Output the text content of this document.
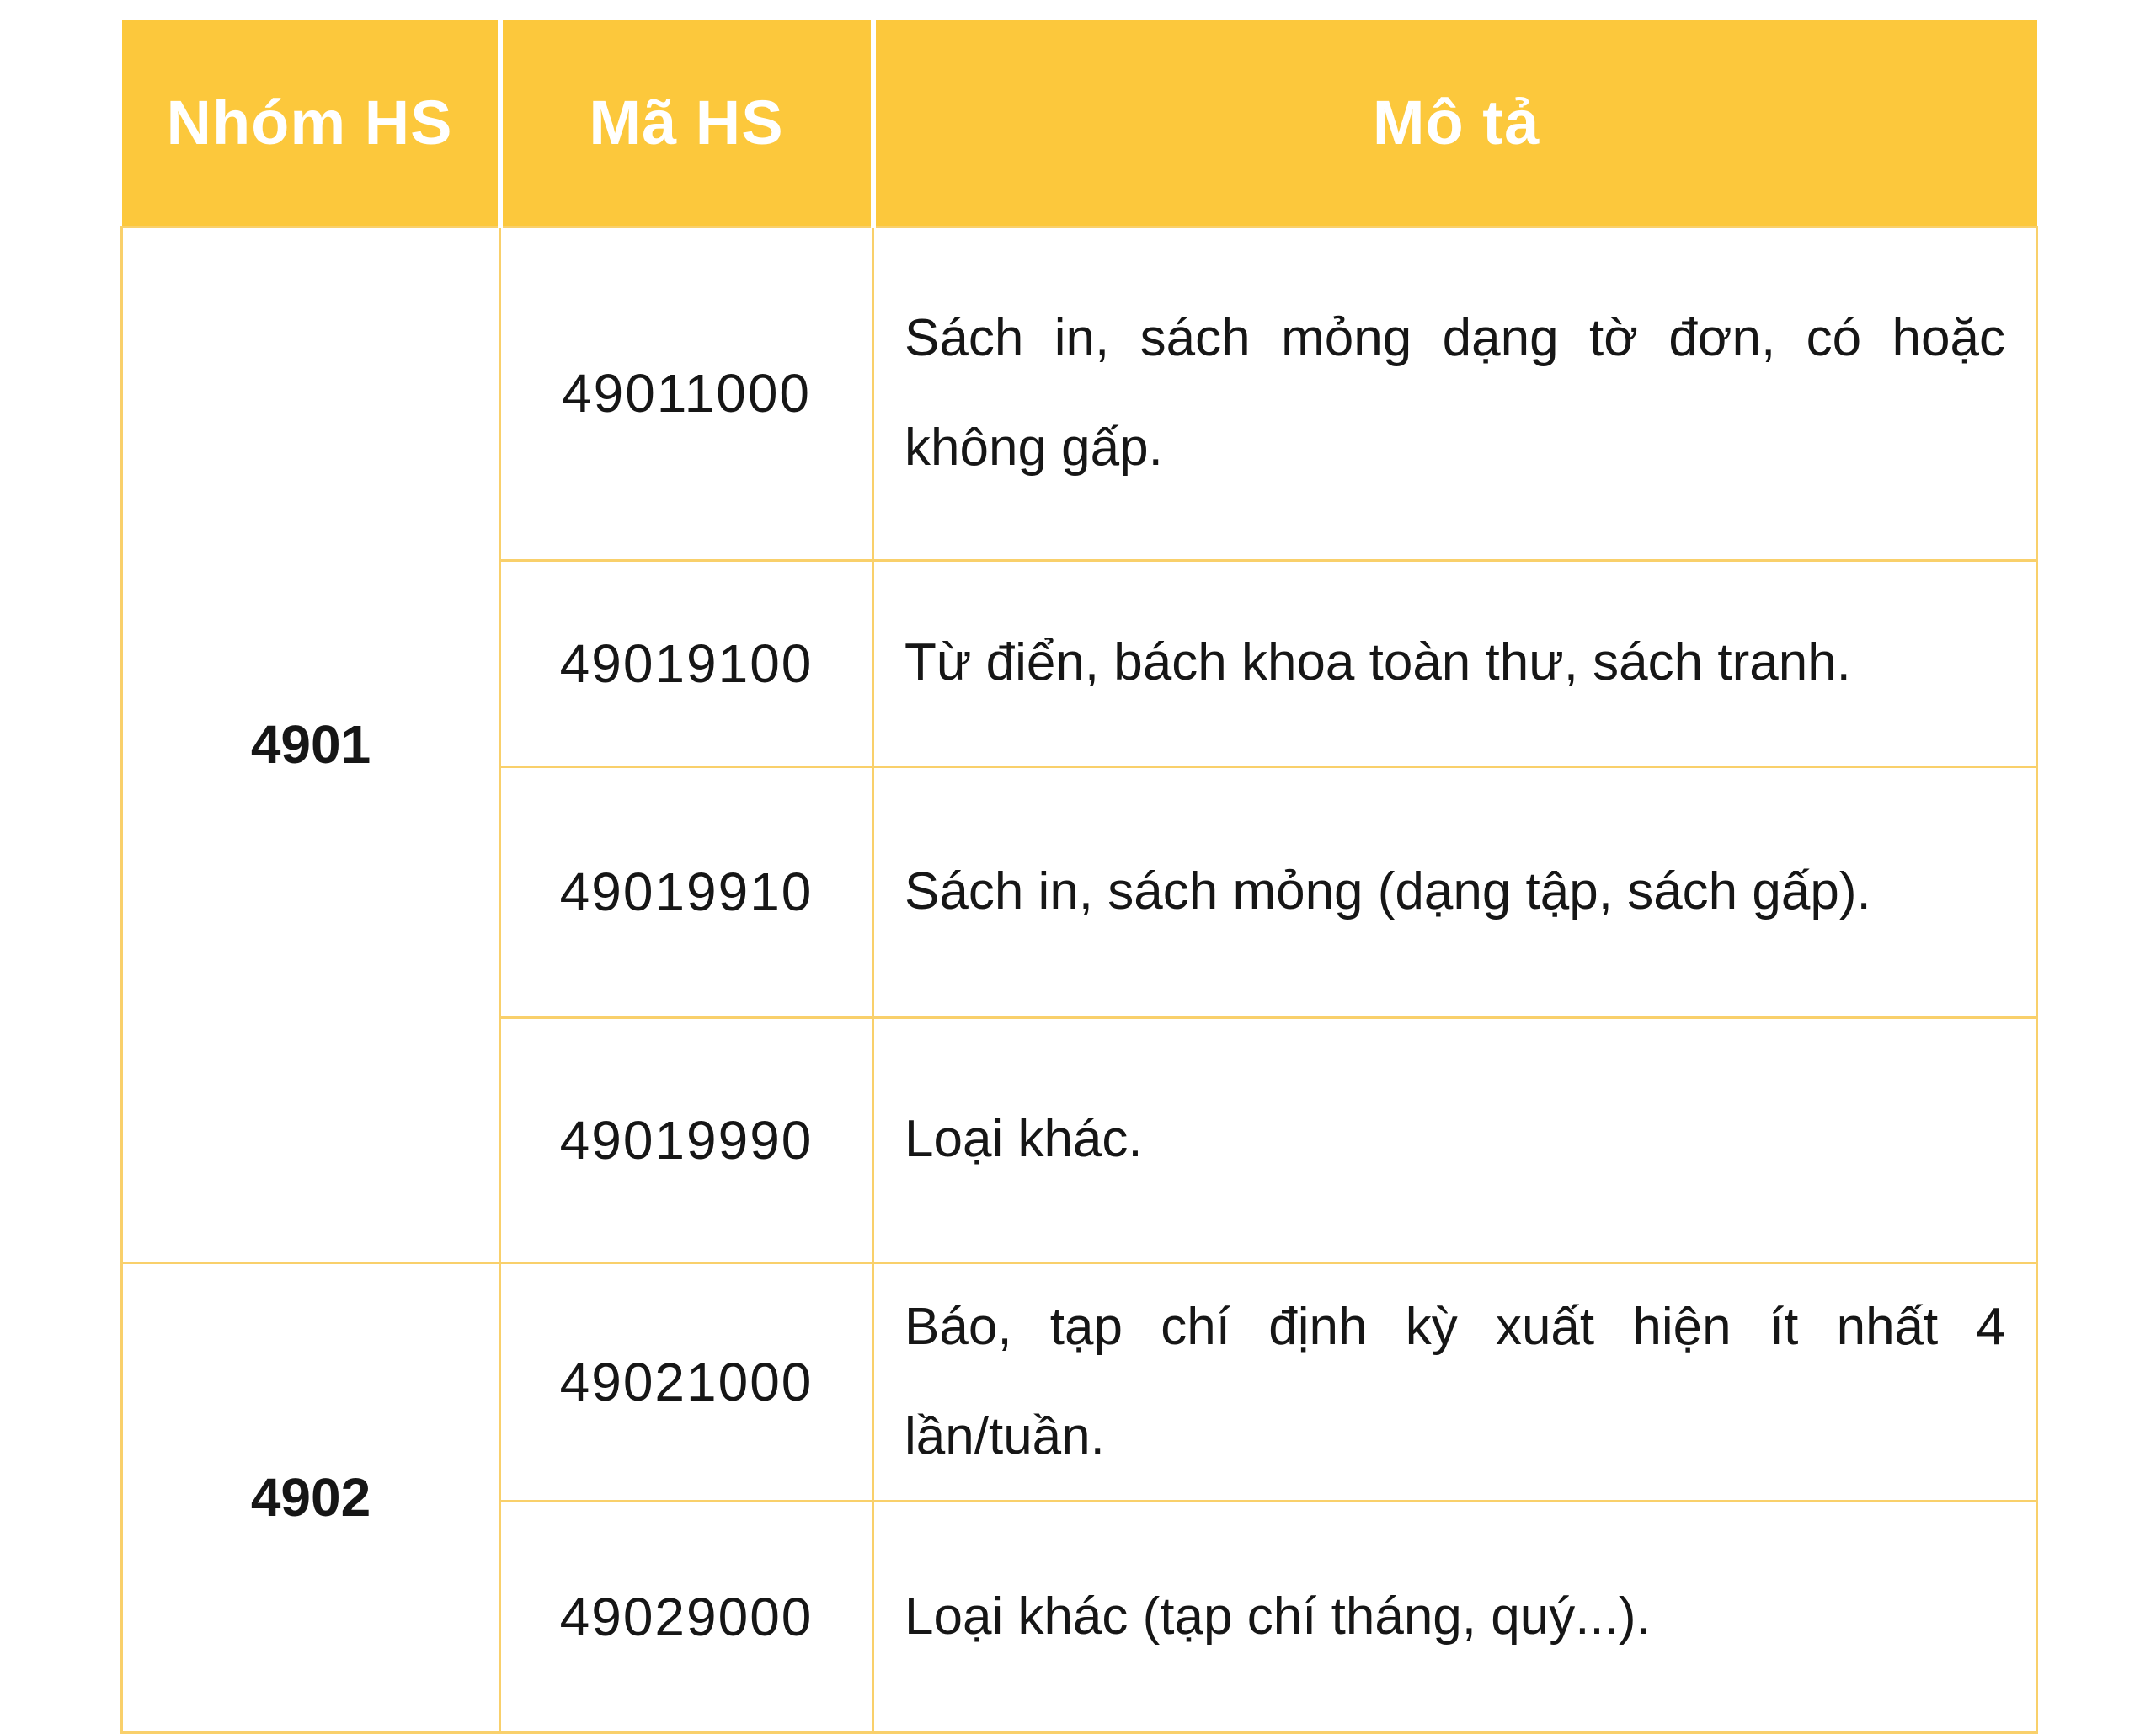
Nhóm HS	Mã HS	Mô tả
4901	49011000	Sách in, sách mỏng dạng tờ đơn, có hoặc không gấp.
	49019100	Từ điển, bách khoa toàn thư, sách tranh.
	49019910	Sách in, sách mỏng (dạng tập, sách gấp).
	49019990	Loại khác.
4902	49021000	Báo, tạp chí định kỳ xuất hiện ít nhất 4 lần/tuần.
	49029000	Loại khác (tạp chí tháng, quý...).
